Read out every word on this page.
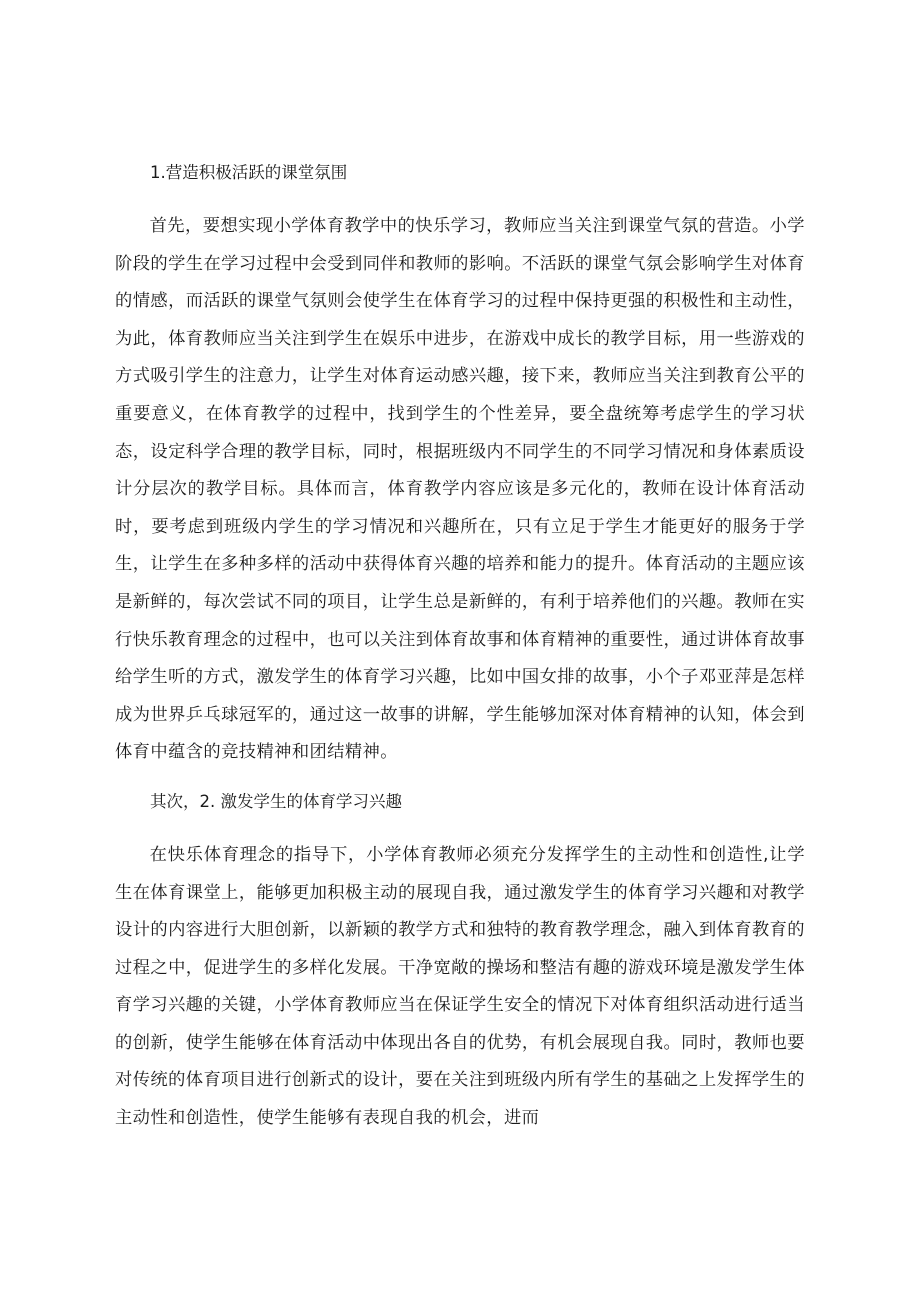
1.营造积极活跃的课堂氛围

首先，要想实现小学体育教学中的快乐学习，教师应当关注到课堂气氛的营造。小学阶段的学生在学习过程中会受到同伴和教师的影响。不活跃的课堂气氛会影响学生对体育的情感，而活跃的课堂气氛则会使学生在体育学习的过程中保持更强的积极性和主动性，为此，体育教师应当关注到学生在娱乐中进步，在游戏中成长的教学目标，用一些游戏的方式吸引学生的注意力，让学生对体育运动感兴趣，接下来，教师应当关注到教育公平的重要意义，在体育教学的过程中，找到学生的个性差异，要全盘统筹考虑学生的学习状态，设定科学合理的教学目标，同时，根据班级内不同学生的不同学习情况和身体素质设计分层次的教学目标。具体而言，体育教学内容应该是多元化的，教师在设计体育活动时，要考虑到班级内学生的学习情况和兴趣所在，只有立足于学生才能更好的服务于学生，让学生在多种多样的活动中获得体育兴趣的培养和能力的提升。体育活动的主题应该是新鲜的，每次尝试不同的项目，让学生总是新鲜的，有利于培养他们的兴趣。教师在实行快乐教育理念的过程中，也可以关注到体育故事和体育精神的重要性，通过讲体育故事给学生听的方式，激发学生的体育学习兴趣，比如中国女排的故事，小个子邓亚萍是怎样成为世界乒乓球冠军的，通过这一故事的讲解，学生能够加深对体育精神的认知，体会到体育中蕴含的竞技精神和团结精神。

其次，2. 激发学生的体育学习兴趣

在快乐体育理念的指导下，小学体育教师必须充分发挥学生的主动性和创造性,让学生在体育课堂上，能够更加积极主动的展现自我，通过激发学生的体育学习兴趣和对教学设计的内容进行大胆创新，以新颖的教学方式和独特的教育教学理念，融入到体育教育的过程之中，促进学生的多样化发展。干净宽敞的操场和整洁有趣的游戏环境是激发学生体育学习兴趣的关键，小学体育教师应当在保证学生安全的情况下对体育组织活动进行适当的创新，使学生能够在体育活动中体现出各自的优势，有机会展现自我。同时，教师也要对传统的体育项目进行创新式的设计，要在关注到班级内所有学生的基础之上发挥学生的主动性和创造性，使学生能够有表现自我的机会，进而
